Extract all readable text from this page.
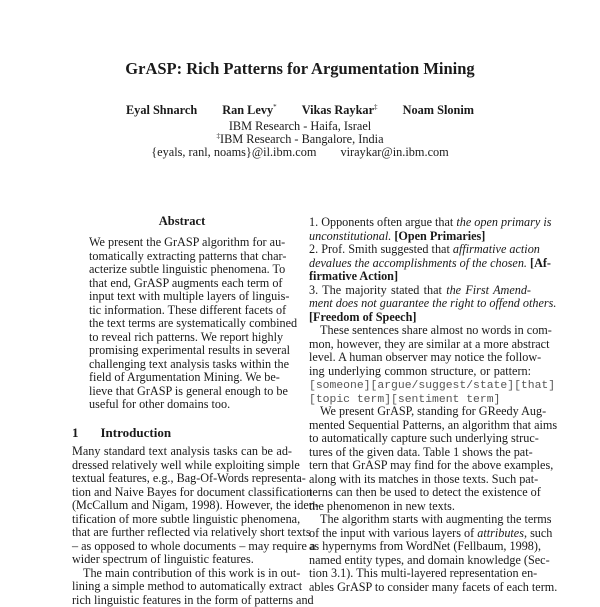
GrASP: Rich Patterns for Argumentation Mining
Eyal Shnarch Ran Levy* Vikas Raykar‡ Noam Slonim
IBM Research - Haifa, Israel
‡IBM Research - Bangalore, India
{eyals, ranl, noams}@il.ibm.com viraykar@in.ibm.com
Abstract
We present the GrASP algorithm for au-
tomatically extracting patterns that char-
acterize subtle linguistic phenomena. To
that end, GrASP augments each term of
input text with multiple layers of linguis-
tic information. These different facets of
the text terms are systematically combined
to reveal rich patterns. We report highly
promising experimental results in several
challenging text analysis tasks within the
field of Argumentation Mining. We be-
lieve that GrASP is general enough to be
useful for other domains too.
1 Introduction
Many standard text analysis tasks can be ad-
dressed relatively well while exploiting simple
textual features, e.g., Bag-Of-Words representa-
tion and Naive Bayes for document classification
(McCallum and Nigam, 1998). However, the iden-
tification of more subtle linguistic phenomena,
that are further reflected via relatively short texts
– as opposed to whole documents – may require a
wider spectrum of linguistic features.
The main contribution of this work is in out-
lining a simple method to automatically extract
rich linguistic features in the form of patterns and
1. Opponents often argue that the open primary is
unconstitutional. [Open Primaries]
2. Prof. Smith suggested that affirmative action
devalues the accomplishments of the chosen. [Af-
firmative Action]
3. The majority stated that the First Amend-
ment does not guarantee the right to offend others.
[Freedom of Speech]
These sentences share almost no words in com-
mon, however, they are similar at a more abstract
level. A human observer may notice the follow-
ing underlying common structure, or pattern:
[someone][argue/suggest/state][that]
[topic term][sentiment term]
We present GrASP, standing for GReedy Aug-
mented Sequential Patterns, an algorithm that aims
to automatically capture such underlying struc-
tures of the given data. Table 1 shows the pat-
tern that GrASP may find for the above examples,
along with its matches in those texts. Such pat-
terns can then be used to detect the existence of
the phenomenon in new texts.
The algorithm starts with augmenting the terms
of the input with various layers of attributes, such
as hypernyms from WordNet (Fellbaum, 1998),
named entity types, and domain knowledge (Sec-
tion 3.1). This multi-layered representation en-
ables GrASP to consider many facets of each term.
